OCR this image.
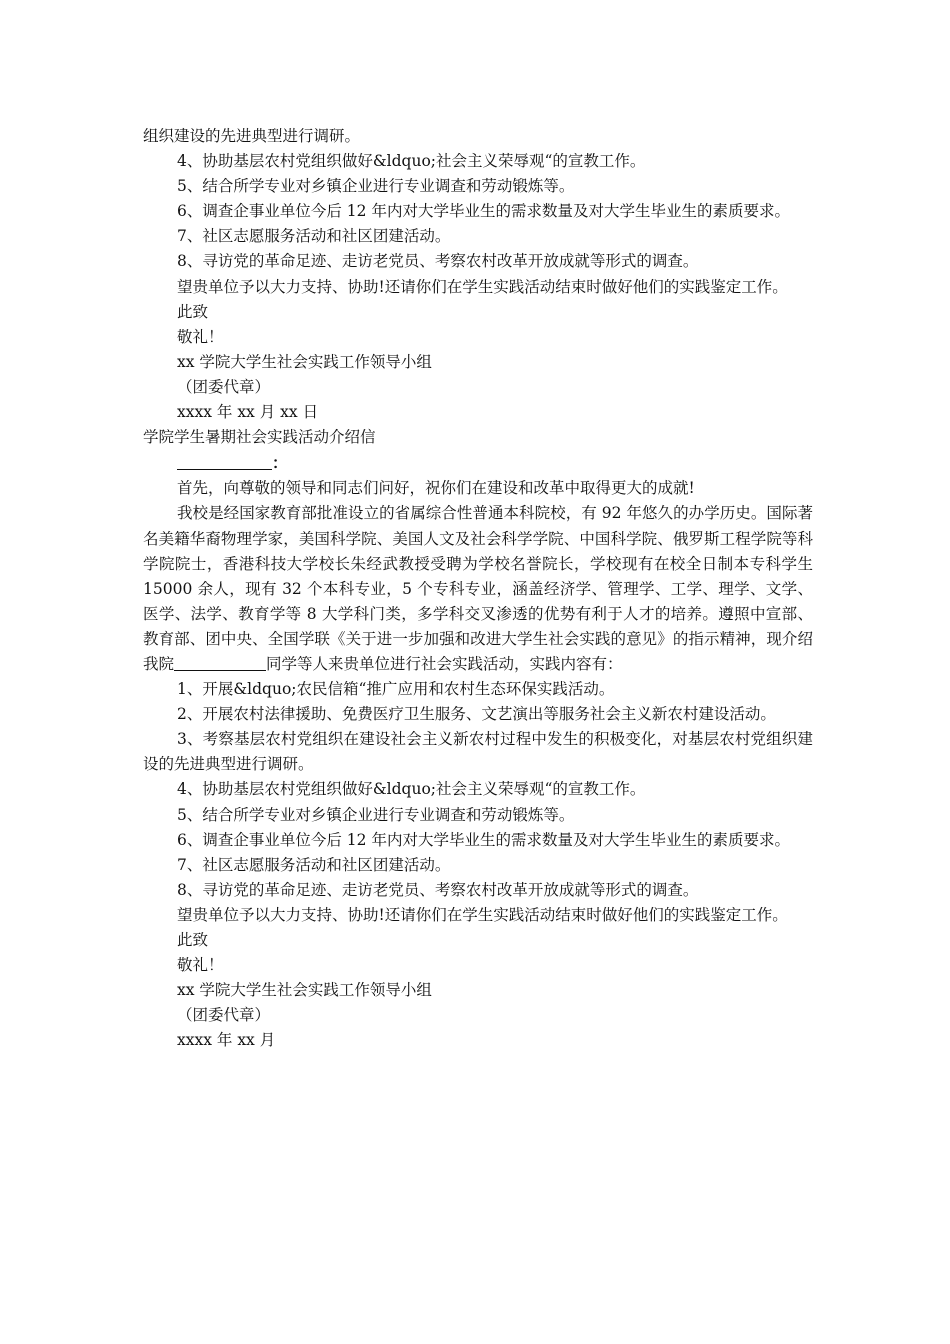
组织建设的先进典型进行调研。

4、协助基层农村党组织做好&ldquo;社会主义荣辱观“的宣教工作。

5、结合所学专业对乡镇企业进行专业调查和劳动锻炼等。

6、调查企事业单位今后 12 年内对大学毕业生的需求数量及对大学生毕业生的素质要求。

7、社区志愿服务活动和社区团建活动。

8、寻访党的革命足迹、走访老党员、考察农村改革开放成就等形式的调查。

望贵单位予以大力支持、协助!还请你们在学生实践活动结束时做好他们的实践鉴定工作。

此致

敬礼！

xx 学院大学生社会实践工作领导小组

（团委代章）

xxxx 年 xx 月 xx 日

学院学生暑期社会实践活动介绍信

：

首先，向尊敬的领导和同志们问好，祝你们在建设和改革中取得更大的成就!

我校是经国家教育部批准设立的省属综合性普通本科院校，有 92 年悠久的办学历史。国际著名美籍华裔物理学家，美国科学院、美国人文及社会科学学院、中国科学院、俄罗斯工程学院等科学院院士，香港科技大学校长朱经武教授受聘为学校名誉院长，学校现有在校全日制本专科学生 15000 余人，现有 32 个本科专业，5 个专科专业，涵盖经济学、管理学、工学、理学、文学、医学、法学、教育学等 8 大学科门类，多学科交叉渗透的优势有利于人才的培养。遵照中宣部、教育部、团中央、全国学联《关于进一步加强和改进大学生社会实践的意见》的指示精神，现介绍我院	同学等人来贵单位进行社会实践活动，实践内容有：

1、开展&ldquo;农民信箱“推广应用和农村生态环保实践活动。

2、开展农村法律援助、免费医疗卫生服务、文艺演出等服务社会主义新农村建设活动。

3、考察基层农村党组织在建设社会主义新农村过程中发生的积极变化，对基层农村党组织建设的先进典型进行调研。

4、协助基层农村党组织做好&ldquo;社会主义荣辱观“的宣教工作。

5、结合所学专业对乡镇企业进行专业调查和劳动锻炼等。

6、调查企事业单位今后 12 年内对大学毕业生的需求数量及对大学生毕业生的素质要求。

7、社区志愿服务活动和社区团建活动。

8、寻访党的革命足迹、走访老党员、考察农村改革开放成就等形式的调查。

望贵单位予以大力支持、协助!还请你们在学生实践活动结束时做好他们的实践鉴定工作。

此致

敬礼！

xx 学院大学生社会实践工作领导小组

（团委代章）

xxxx 年 xx 月
